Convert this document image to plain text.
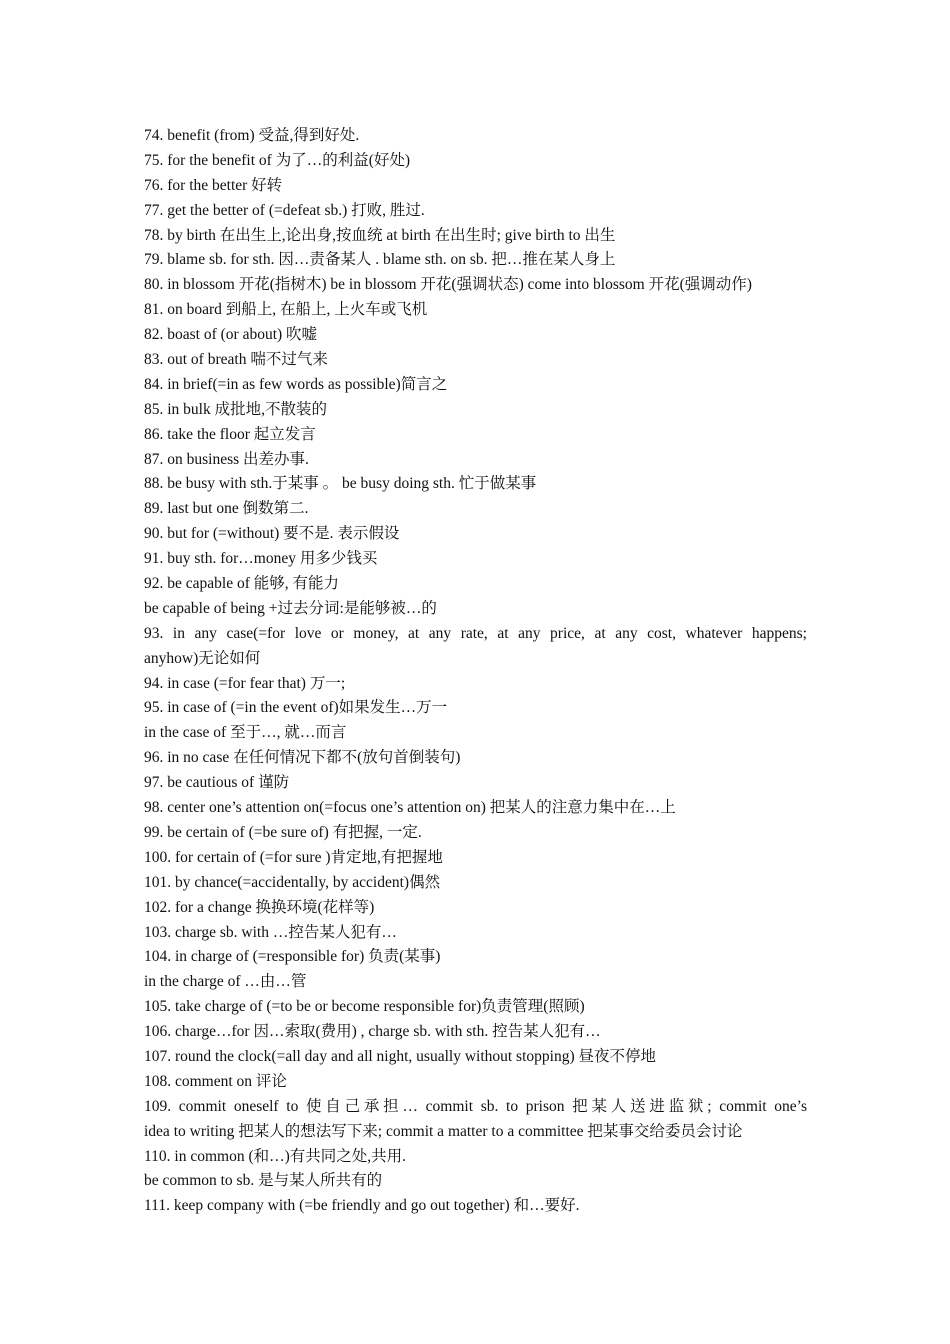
74. benefit (from) 受益,得到好处.
75. for the benefit of 为了…的利益(好处)
76. for the better 好转
77. get the better of (=defeat sb.) 打败, 胜过.
78. by birth 在出生上,论出身,按血统 at birth 在出生时; give birth to 出生
79. blame sb. for sth. 因…责备某人 . blame sth. on sb. 把…推在某人身上
80. in blossom 开花(指树木) be in blossom 开花(强调状态) come into blossom 开花(强调动作)
81. on board 到船上, 在船上, 上火车或飞机
82. boast of (or about) 吹嘘
83. out of breath 喘不过气来
84. in brief(=in as few words as possible)简言之
85. in bulk 成批地,不散装的
86. take the floor 起立发言
87. on business 出差办事.
88. be busy with sth.于某事 。 be busy doing sth. 忙于做某事
89. last but one 倒数第二.
90. but for (=without) 要不是. 表示假设
91. buy sth. for…money 用多少钱买
92. be capable of 能够, 有能力
be capable of being +过去分词:是能够被…的
93. in any case(=for love or money, at any rate, at any price, at any cost, whatever happens;
anyhow)无论如何
94. in case (=for fear that) 万一;
95. in case of (=in the event of)如果发生…万一
in the case of 至于…, 就…而言
96. in no case 在任何情况下都不(放句首倒装句)
97. be cautious of 谨防
98. center one’s attention on(=focus one’s attention on) 把某人的注意力集中在…上
99. be certain of (=be sure of) 有把握, 一定.
100. for certain of (=for sure )肯定地,有把握地
101. by chance(=accidentally, by accident)偶然
102. for a change 换换环境(花样等)
103. charge sb. with …控告某人犯有…
104. in charge of (=responsible for) 负责(某事)
in the charge of …由…管
105. take charge of (=to be or become responsible for)负责管理(照顾)
106. charge…for 因…索取(费用) , charge sb. with sth. 控告某人犯有…
107. round the clock(=all day and all night, usually without stopping) 昼夜不停地
108. comment on 评论
109. commit oneself to 使自己承担… commit sb. to prison 把某人送进监狱; commit one’s
idea to writing 把某人的想法写下来; commit a matter to a committee 把某事交给委员会讨论
110. in common (和…)有共同之处,共用.
be common to sb. 是与某人所共有的
111. keep company with (=be friendly and go out together) 和…要好.
